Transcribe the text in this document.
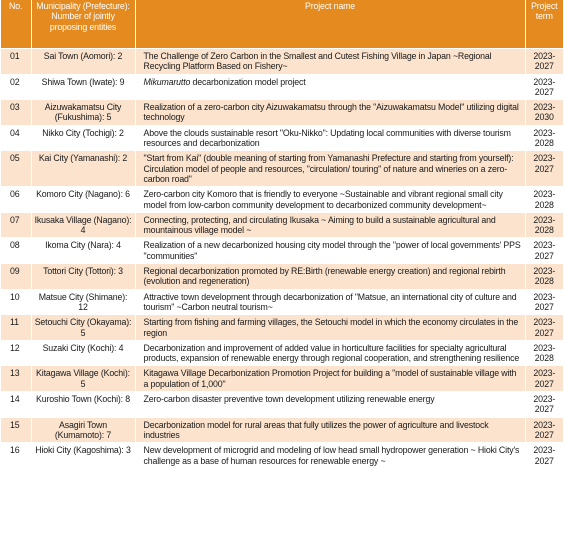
No.	Municipality (Prefecture): Number of jointly proposing entities	Project name	Project term
01	Sai Town (Aomori): 2	The Challenge of Zero Carbon in the Smallest and Cutest Fishing Village in Japan ~Regional Recycling Platform Based on Fishery~	2023-2027
02	Shiwa Town (Iwate): 9	Mikumarutto decarbonization model project	2023-2027
03	Aizuwakamatsu City (Fukushima): 5	Realization of a zero-carbon city Aizuwakamatsu through the "Aizuwakamatsu Model" utilizing digital technology	2023-2030
04	Nikko City (Tochigi): 2	Above the clouds sustainable resort "Oku-Nikko": Updating local communities with diverse tourism resources and decarbonization	2023-2028
05	Kai City (Yamanashi): 2	"Start from Kai" (double meaning of starting from Yamanashi Prefecture and starting from yourself): Circulation model of people and resources, "circulation/ touring" of nature and wineries on a zero-carbon road"	2023-2027
06	Komoro City (Nagano): 6	Zero-carbon city Komoro that is friendly to everyone ~Sustainable and vibrant regional small city model from low-carbon community development to decarbonized community development~	2023-2028
07	Ikusaka Village (Nagano): 4	Connecting, protecting, and circulating Ikusaka ~ Aiming to build a sustainable agricultural and mountainous village model ~	2023-2028
08	Ikoma City (Nara): 4	Realization of a new decarbonized housing city model through the "power of local governments' PPS "communities"	2023-2027
09	Tottori City (Tottori): 3	Regional decarbonization promoted by RE:Birth (renewable energy creation) and regional rebirth (evolution and regeneration)	2023-2028
10	Matsue City (Shimane): 12	Attractive town development through decarbonization of "Matsue, an international city of culture and tourism" ~Carbon neutral tourism~	2023-2027
11	Setouchi City (Okayama): 5	Starting from fishing and farming villages, the Setouchi model in which the economy circulates in the region	2023-2027
12	Suzaki City (Kochi): 4	Decarbonization and improvement of added value in horticulture facilities for specialty agricultural products, expansion of renewable energy through regional cooperation, and strengthening resilience	2023-2028
13	Kitagawa Village (Kochi): 5	Kitagawa Village Decarbonization Promotion Project for building a "model of sustainable village with a population of 1,000"	2023-2027
14	Kuroshio Town (Kochi): 8	Zero-carbon disaster preventive town development utilizing renewable energy	2023-2027
15	Asagiri Town (Kumamoto): 7	Decarbonization model for rural areas that fully utilizes the power of agriculture and livestock industries	2023-2027
16	Hioki City (Kagoshima): 3	New development of microgrid and modeling of low head small hydropower generation ~ Hioki City's challenge as a base of human resources for renewable energy ~	2023-2027
